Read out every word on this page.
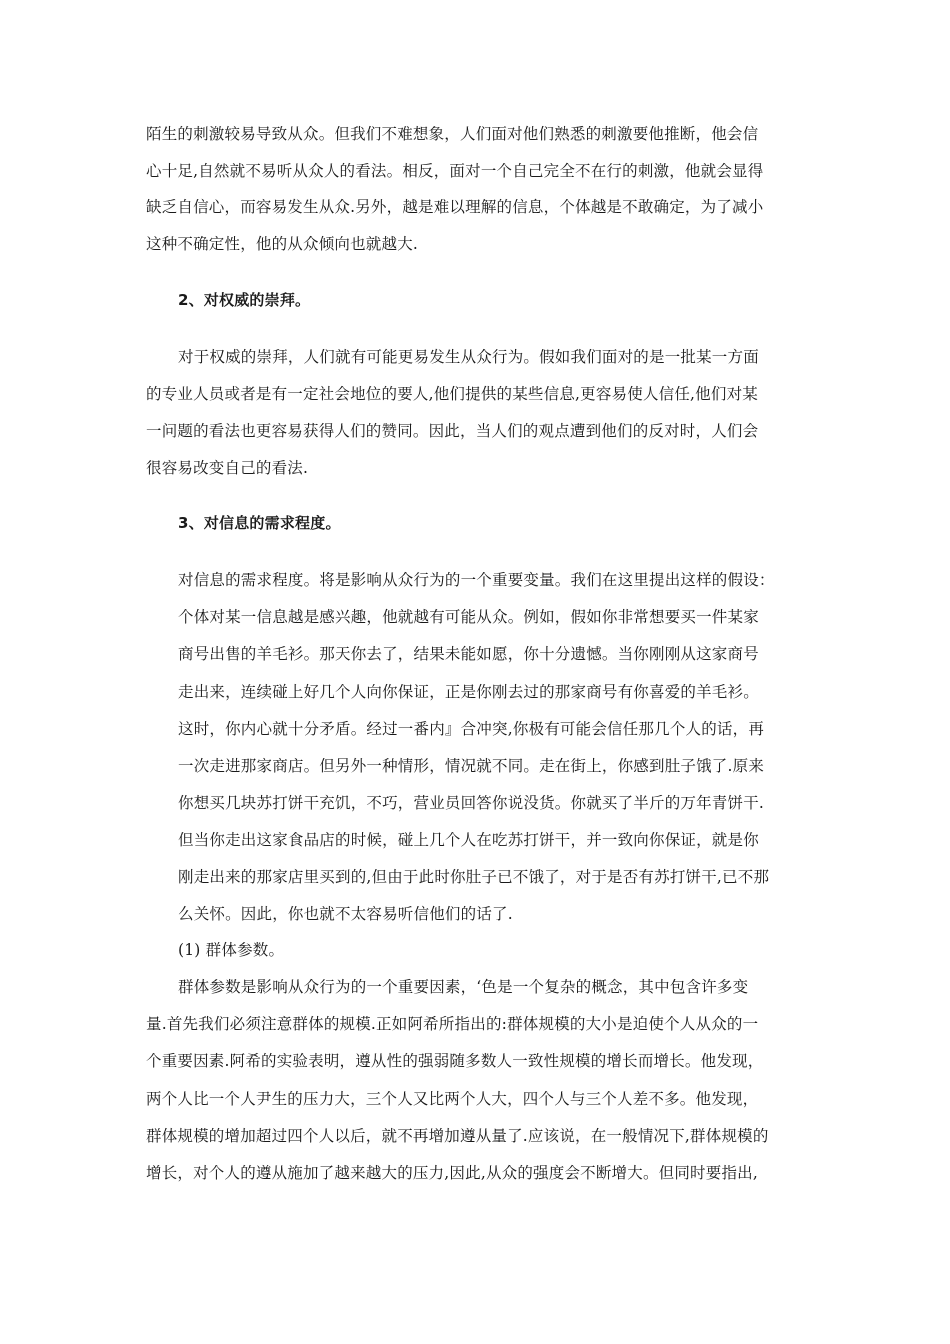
陌生的刺激较易导致从众。但我们不难想象，人们面对他们熟悉的刺激要他推断，他会信
心十足,自然就不易听从众人的看法。相反，面对一个自己完全不在行的刺激，他就会显得
缺乏自信心，而容易发生从众.另外，越是难以理解的信息，个体越是不敢确定，为了减小
这种不确定性，他的从众倾向也就越大.
2、对权威的崇拜。
对于权威的崇拜，人们就有可能更易发生从众行为。假如我们面对的是一批某一方面
的专业人员或者是有一定社会地位的要人,他们提供的某些信息,更容易使人信任,他们对某
一问题的看法也更容易获得人们的赞同。因此，当人们的观点遭到他们的反对时，人们会
很容易改变自己的看法.
3、对信息的需求程度。
对信息的需求程度。将是影响从众行为的一个重要变量。我们在这里提出这样的假设：
个体对某一信息越是感兴趣，他就越有可能从众。例如，假如你非常想要买一件某家
商号出售的羊毛衫。那天你去了，结果未能如愿，你十分遗憾。当你刚刚从这家商号
走出来，连续碰上好几个人向你保证，正是你刚去过的那家商号有你喜爱的羊毛衫。
这时，你内心就十分矛盾。经过一番内』合冲突,你极有可能会信任那几个人的话，再
一次走进那家商店。但另外一种情形，情况就不同。走在街上，你感到肚子饿了.原来
你想买几块苏打饼干充饥，不巧，营业员回答你说没货。你就买了半斤的万年青饼干.
但当你走出这家食品店的时候，碰上几个人在吃苏打饼干，并一致向你保证，就是你
刚走出来的那家店里买到的,但由于此时你肚子已不饿了，对于是否有苏打饼干,已不那
么关怀。因此，你也就不太容易听信他们的话了.
(1) 群体参数。
群体参数是影响从众行为的一个重要因素，‘色是一个复杂的概念，其中包含许多变
量.首先我们必须注意群体的规模.正如阿希所指出的:群体规模的大小是迫使个人从众的一
个重要因素.阿希的实验表明，遵从性的强弱随多数人一致性规模的增长而增长。他发现，
两个人比一个人尹生的压力大，三个人又比两个人大，四个人与三个人差不多。他发现，
群体规模的增加超过四个人以后，就不再增加遵从量了.应该说，在一般情况下,群体规模的
增长，对个人的遵从施加了越来越大的压力,因此,从众的强度会不断增大。但同时要指出,
